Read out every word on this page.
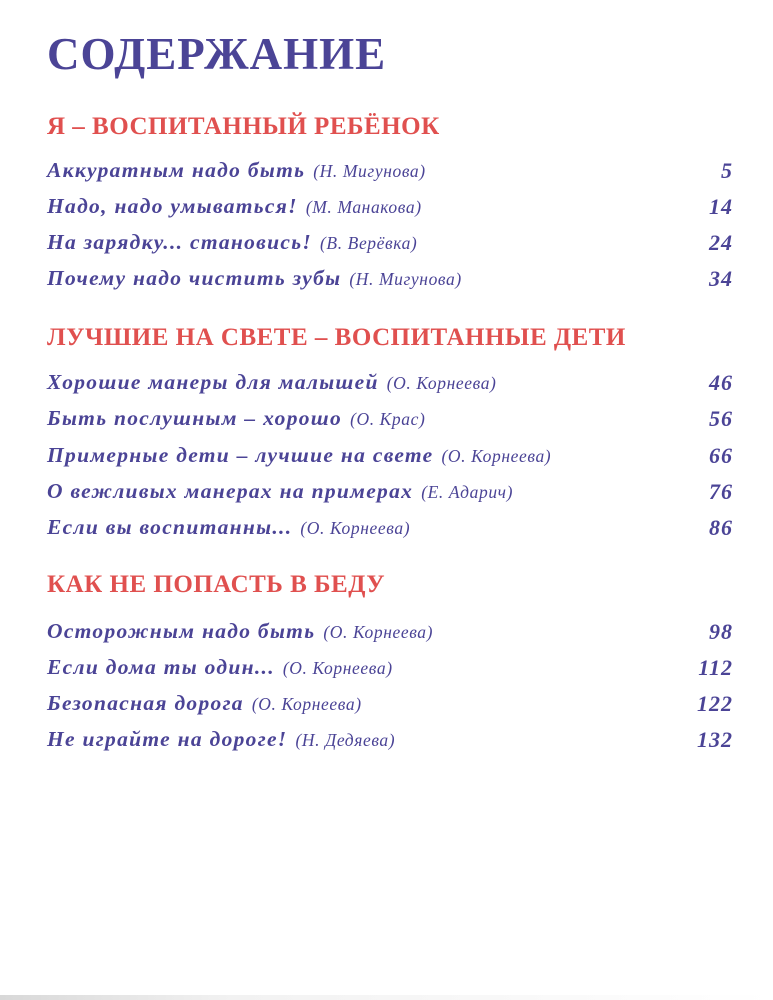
СОДЕРЖАНИЕ
Я – ВОСПИТАННЫЙ РЕБЁНОК
Аккуратным надо быть (Н. Мигунова)	5
Надо, надо умываться! (М. Манакова)	14
На зарядку... становись! (В. Верёвка)	24
Почему надо чистить зубы (Н. Мигунова)	34
ЛУЧШИЕ НА СВЕТЕ – ВОСПИТАННЫЕ ДЕТИ
Хорошие манеры для малышей (О. Корнеева)	46
Быть послушным – хорошо (О. Крас)	56
Примерные дети – лучшие на свете (О. Корнеева)	66
О вежливых манерах на примерах (Е. Адарич)	76
Если вы воспитанны... (О. Корнеева)	86
КАК НЕ ПОПАСТЬ В БЕДУ
Осторожным надо быть (О. Корнеева)	98
Если дома ты один... (О. Корнеева)	112
Безопасная дорога (О. Корнеева)	122
Не играйте на дороге! (Н. Дедяева)	132
